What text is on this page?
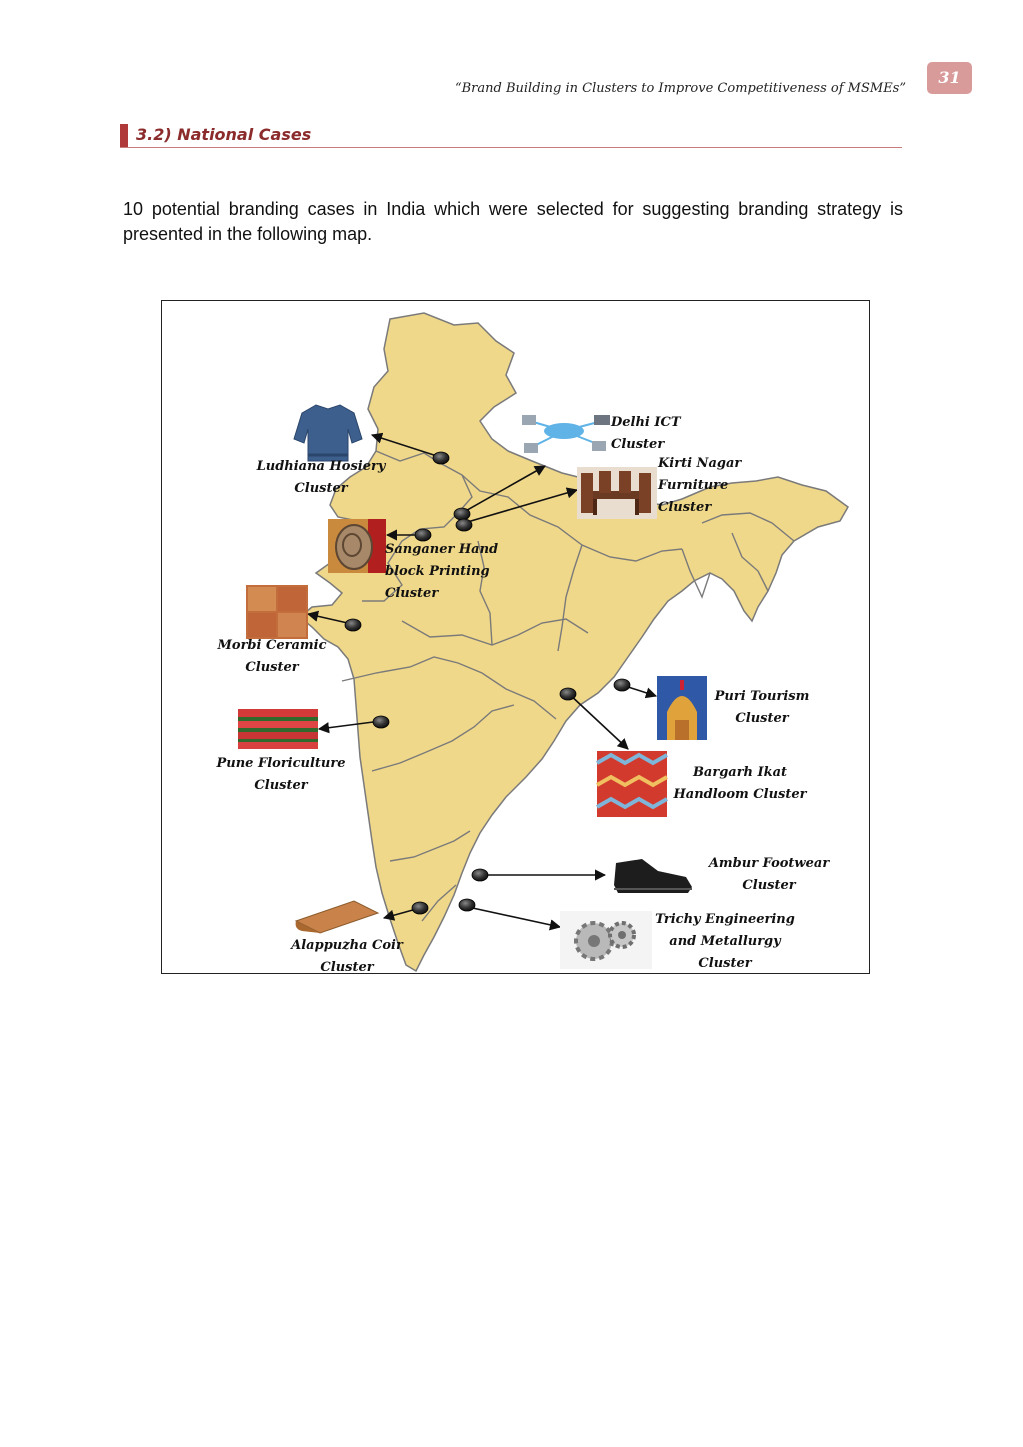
31
“Brand Building in Clusters to Improve Competitiveness of MSMEs”
3.2) National Cases
10 potential branding cases in India which were selected for suggesting branding strategy is presented in the following map.
Ludhiana Hosiery
Cluster
Delhi ICT
Cluster
Kirti Nagar
Furniture
Cluster
Sanganer Hand
block Printing
Cluster
Morbi Ceramic
Cluster
Puri Tourism
Cluster
Pune Floriculture
Cluster
Bargarh Ikat
Handloom Cluster
Ambur Footwear
Cluster
Alappuzha Coir
Cluster
Trichy Engineering
and Metallurgy
Cluster
